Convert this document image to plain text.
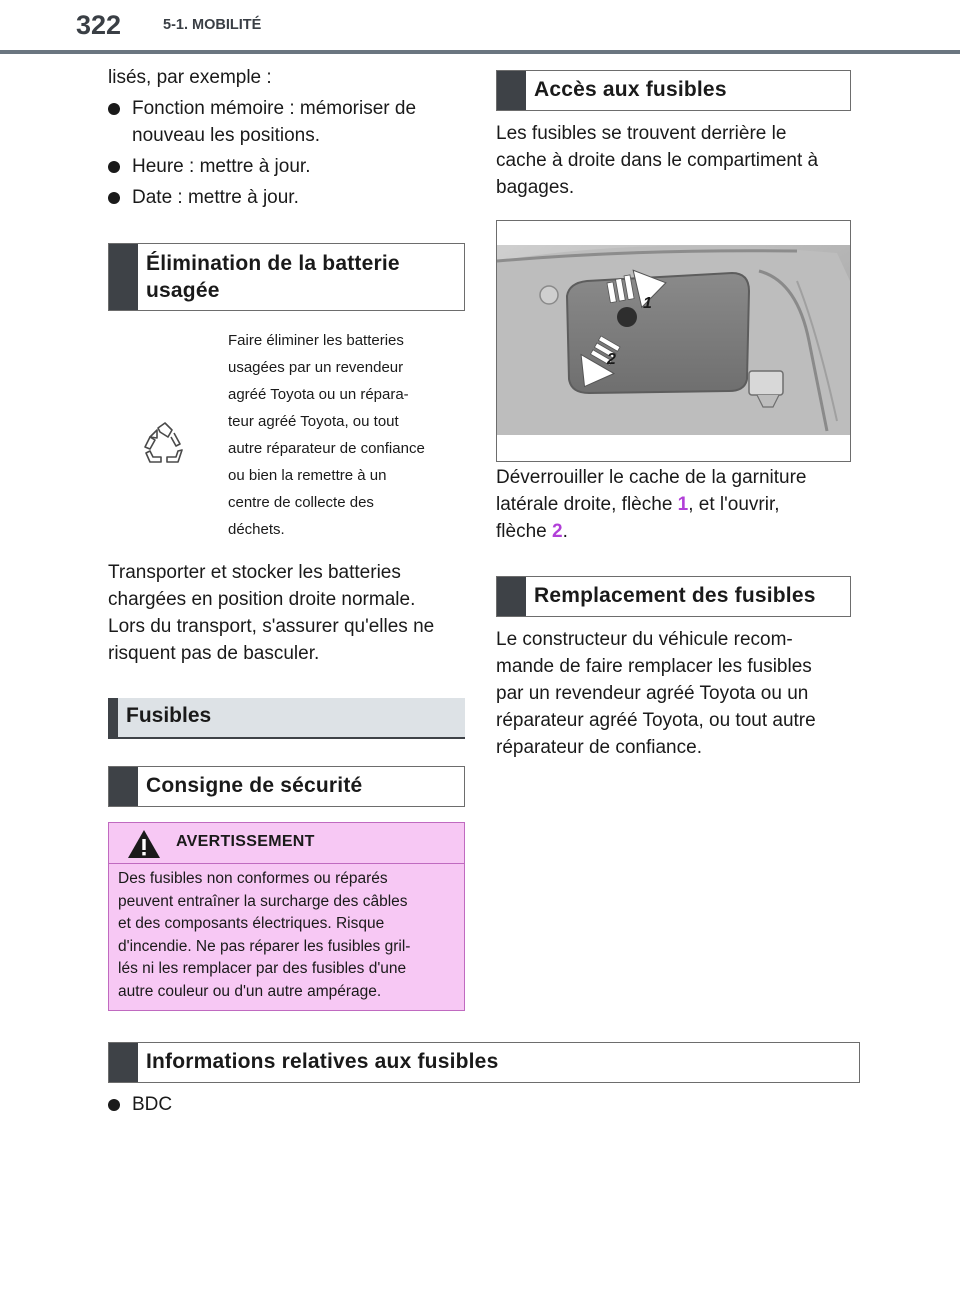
322	5-1. MOBILITÉ
lisés, par exemple :
Fonction mémoire : mémoriser de
nouveau les positions.
Heure : mettre à jour.
Date : mettre à jour.
Élimination de la batterie
usagée
Faire éliminer les batteries
usagées par un revendeur
agréé Toyota ou un répara-
teur agréé Toyota, ou tout
autre réparateur de confiance
ou bien la remettre à un
centre de collecte des
déchets.
Transporter et stocker les batteries
chargées en position droite normale.
Lors du transport, s'assurer qu'elles ne
risquent pas de basculer.
Fusibles
Consigne de sécurité
AVERTISSEMENT
Des fusibles non conformes ou réparés
peuvent entraîner la surcharge des câbles
et des composants électriques. Risque
d'incendie. Ne pas réparer les fusibles gril-
lés ni les remplacer par des fusibles d'une
autre couleur ou d'un autre ampérage.
Accès aux fusibles
Les fusibles se trouvent derrière le
cache à droite dans le compartiment à
bagages.
1
2
Déverrouiller le cache de la garniture
latérale droite, flèche 1, et l'ouvrir,
flèche 2.
Remplacement des fusibles
Le constructeur du véhicule recom-
mande de faire remplacer les fusibles
par un revendeur agréé Toyota ou un
réparateur agréé Toyota, ou tout autre
réparateur de confiance.
Informations relatives aux fusibles
BDC
